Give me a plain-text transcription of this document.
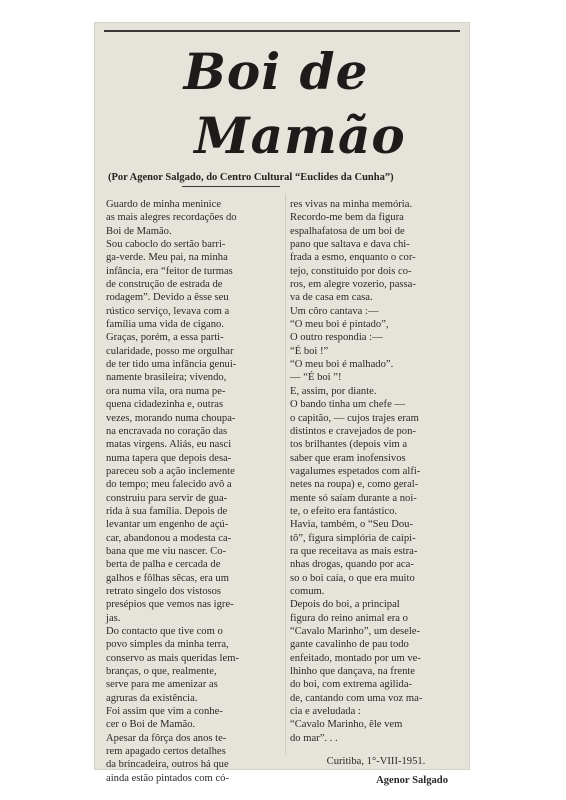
Boi de
Mamão
(Por Agenor Salgado, do Centro Cultural “Euclides da Cunha”)

Guardo de minha meninice

as mais alegres recordações do

Boi de Mamão.

Sou caboclo do sertão barri-

ga-verde. Meu pai, na minha

infância, era “feitor de turmas

de construção de estrada de

rodagem”. Devido a êsse seu

rústico serviço, levava com a

família uma vida de cigano.

Graças, porém, a essa parti-

cularidade, posso me orgulhar

de ter tido uma infância genui-

namente brasileira; vivendo,

ora numa vila, ora numa pe-

quena cidadezinha e, outras

vezes, morando numa choupa-

na encravada no coração das

matas virgens. Aliás, eu nasci

numa tapera que depois desa-

pareceu sob a ação inclemente

do tempo; meu falecido avô a

construiu para servir de gua-

rida à sua família. Depois de

levantar um engenho de açú-

car, abandonou a modesta ca-

bana que me viu nascer. Co-

berta de palha e cercada de

galhos e fôlhas sêcas, era um

retrato singelo dos vistosos

presépios que vemos nas igre-

jas.

Do contacto que tive com o

povo simples da minha terra,

conservo as mais queridas lem-

branças, o que, realmente,

serve para me amenizar as

agruras da existência.

Foi assim que vim a conhe-

cer o Boi de Mamão.

Apesar da fôrça dos anos te-

rem apagado certos detalhes

da brincadeira, outros há que

ainda estão pintados com có-

res vivas na minha memória.

Recordo-me bem da figura

espalhafatosa de um boi de

pano que saltava e dava chi-

frada a esmo, enquanto o cor-

tejo, constituído por dois co-

ros, em alegre vozerio, passa-

va de casa em casa.

Um côro cantava :—

“O meu boi é pintado”,

O outro respondia :—

“É boi !”

“O meu boi é malhado”.

— “É boi ”!

E, assim, por diante.

O bando tinha um chefe —

o capitão, — cujos trajes eram

distintos e cravejados de pon-

tos brilhantes (depois vim a

saber que eram inofensivos

vagalumes espetados com alfi-

netes na roupa) e, como geral-

mente só saíam durante a noi-

te, o efeito era fantástico.

Havia, também, o “Seu Dou-

tô”, figura simplória de caipi-

ra que receitava as mais estra-

nhas drogas, quando por aca-

so o boi caía, o que era muito

comum.

Depois do boi, a principal

figura do reino animal era o

“Cavalo Marinho”, um desele-

gante cavalinho de pau todo

enfeitado, montado por um ve-

lhinho que dançava, na frente

do boi, com extrema agilida-

de, cantando com uma voz ma-

cia e aveludada :

“Cavalo Marinho, êle vem

do mar”. . .

Curitiba, 1°-VIII-1951.

Agenor Salgado
